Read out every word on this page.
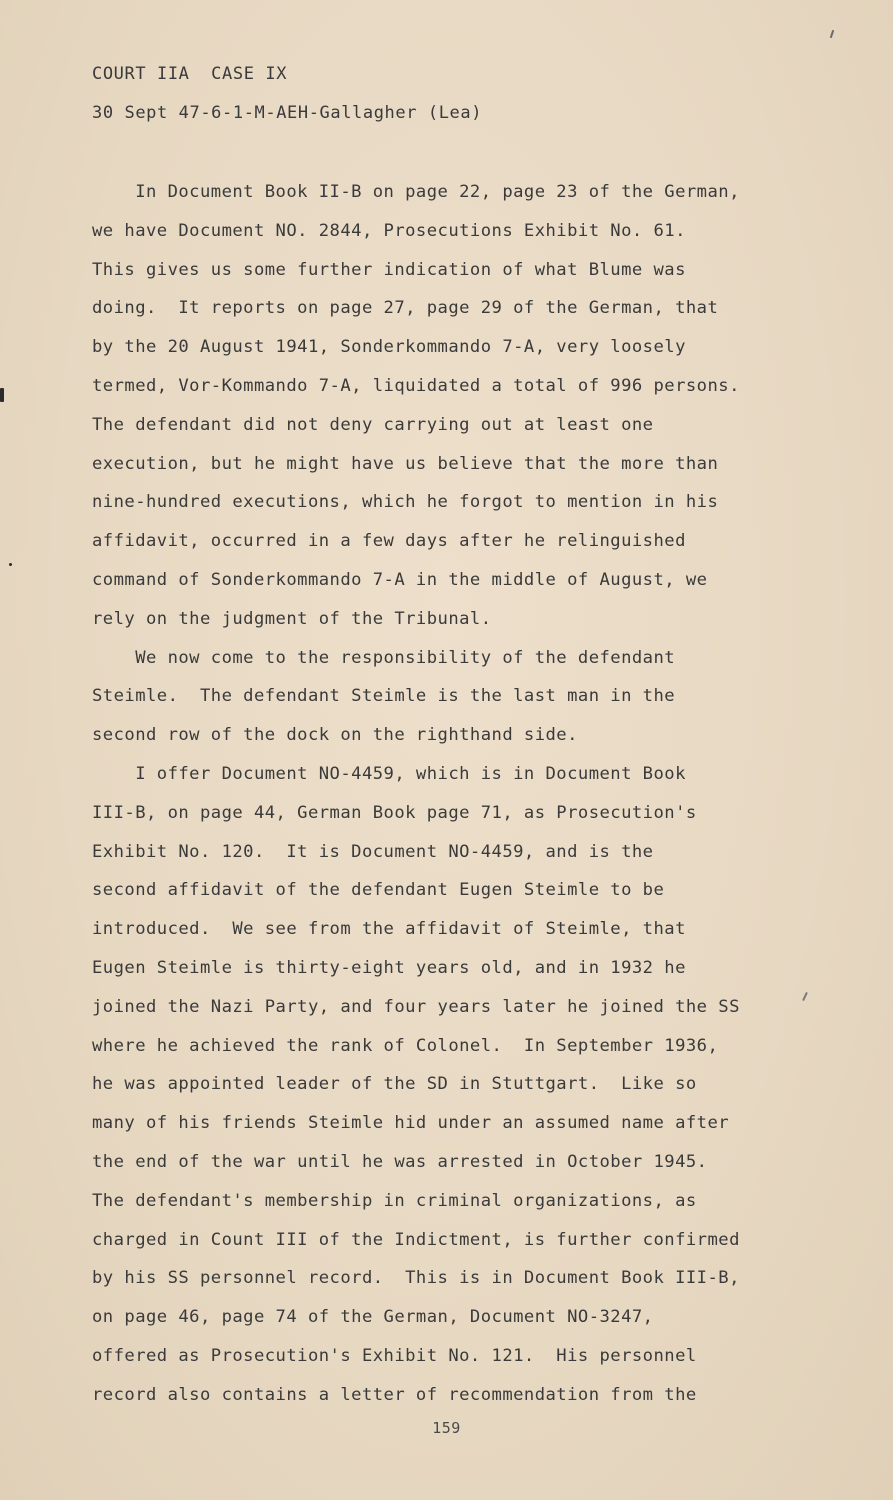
COURT IIA  CASE IX
30 Sept 47-6-1-M-AEH-Gallagher (Lea)
In Document Book II-B on page 22, page 23 of the German,
we have Document NO. 2844, Prosecutions Exhibit No. 61.
This gives us some further indication of what Blume was
doing.  It reports on page 27, page 29 of the German, that
by the 20 August 1941, Sonderkommando 7-A, very loosely
termed, Vor-Kommando 7-A, liquidated a total of 996 persons.
The defendant did not deny carrying out at least one
execution, but he might have us believe that the more than
nine-hundred executions, which he forgot to mention in his
affidavit, occurred in a few days after he relinguished
command of Sonderkommando 7-A in the middle of August, we
rely on the judgment of the Tribunal.
We now come to the responsibility of the defendant
Steimle.  The defendant Steimle is the last man in the
second row of the dock on the righthand side.
I offer Document NO-4459, which is in Document Book
III-B, on page 44, German Book page 71, as Prosecution's
Exhibit No. 120.  It is Document NO-4459, and is the
second affidavit of the defendant Eugen Steimle to be
introduced.  We see from the affidavit of Steimle, that
Eugen Steimle is thirty-eight years old, and in 1932 he
joined the Nazi Party, and four years later he joined the SS
where he achieved the rank of Colonel.  In September 1936,
he was appointed leader of the SD in Stuttgart.  Like so
many of his friends Steimle hid under an assumed name after
the end of the war until he was arrested in October 1945.
The defendant's membership in criminal organizations, as
charged in Count III of the Indictment, is further confirmed
by his SS personnel record.  This is in Document Book III-B,
on page 46, page 74 of the German, Document NO-3247,
offered as Prosecution's Exhibit No. 121.  His personnel
record also contains a letter of recommendation from the
159
